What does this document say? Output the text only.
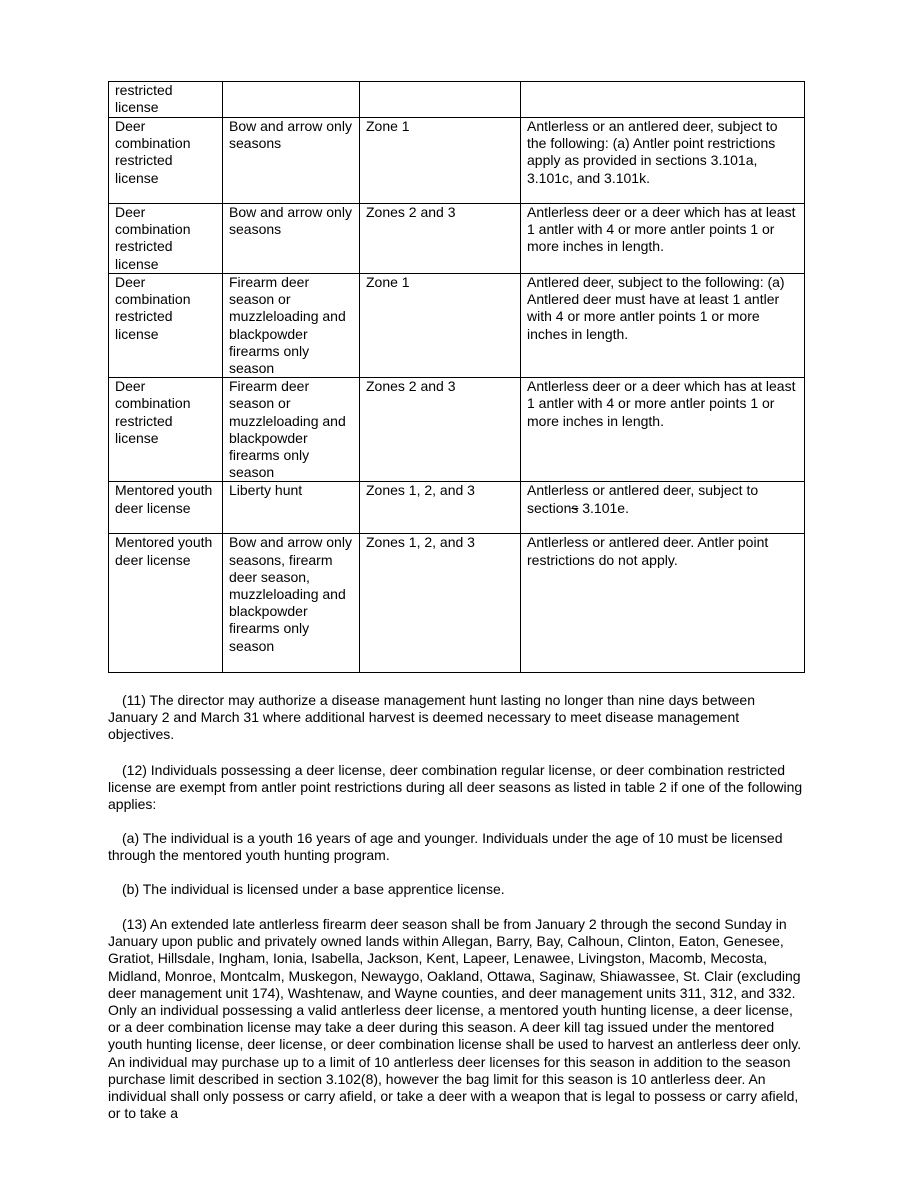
restricted license			
Deer combination restricted license	Bow and arrow only seasons	Zone 1	Antlerless or an antlered deer, subject to the following: (a) Antler point restrictions apply as provided in sections 3.101a, 3.101c, and 3.101k.
Deer combination restricted license	Bow and arrow only seasons	Zones 2 and 3	Antlerless deer or a deer which has at least 1 antler with 4 or more antler points 1 or more inches in length.
Deer combination restricted license	Firearm deer season or muzzleloading and blackpowder firearms only season	Zone 1	Antlered deer, subject to the following: (a) Antlered deer must have at least 1 antler with 4 or more antler points 1 or more inches in length.
Deer combination restricted license	Firearm deer season or muzzleloading and blackpowder firearms only season	Zones 2 and 3	Antlerless deer or a deer which has at least 1 antler with 4 or more antler points 1 or more inches in length.
Mentored youth deer license	Liberty hunt	Zones 1, 2, and 3	Antlerless or antlered deer, subject to sections 3.101e.
Mentored youth deer license	Bow and arrow only seasons, firearm deer season, muzzleloading and blackpowder firearms only season	Zones 1, 2, and 3	Antlerless or antlered deer. Antler point restrictions do not apply.

(11) The director may authorize a disease management hunt lasting no longer than nine days between January 2 and March 31 where additional harvest is deemed necessary to meet disease management objectives.

(12) Individuals possessing a deer license, deer combination regular license, or deer combination restricted license are exempt from antler point restrictions during all deer seasons as listed in table 2 if one of the following applies:

(a) The individual is a youth 16 years of age and younger. Individuals under the age of 10 must be licensed through the mentored youth hunting program.

(b) The individual is licensed under a base apprentice license.

(13) An extended late antlerless firearm deer season shall be from January 2 through the second Sunday in January upon public and privately owned lands within Allegan, Barry, Bay, Calhoun, Clinton, Eaton, Genesee, Gratiot, Hillsdale, Ingham, Ionia, Isabella, Jackson, Kent, Lapeer, Lenawee, Livingston, Macomb, Mecosta, Midland, Monroe, Montcalm, Muskegon, Newaygo, Oakland, Ottawa, Saginaw, Shiawassee, St. Clair (excluding deer management unit 174), Washtenaw, and Wayne counties, and deer management units 311, 312, and 332. Only an individual possessing a valid antlerless deer license, a mentored youth hunting license, a deer license, or a deer combination license may take a deer during this season. A deer kill tag issued under the mentored youth hunting license, deer license, or deer combination license shall be used to harvest an antlerless deer only. An individual may purchase up to a limit of 10 antlerless deer licenses for this season in addition to the season purchase limit described in section 3.102(8), however the bag limit for this season is 10 antlerless deer. An individual shall only possess or carry afield, or take a deer with a weapon that is legal to possess or carry afield, or to take a
